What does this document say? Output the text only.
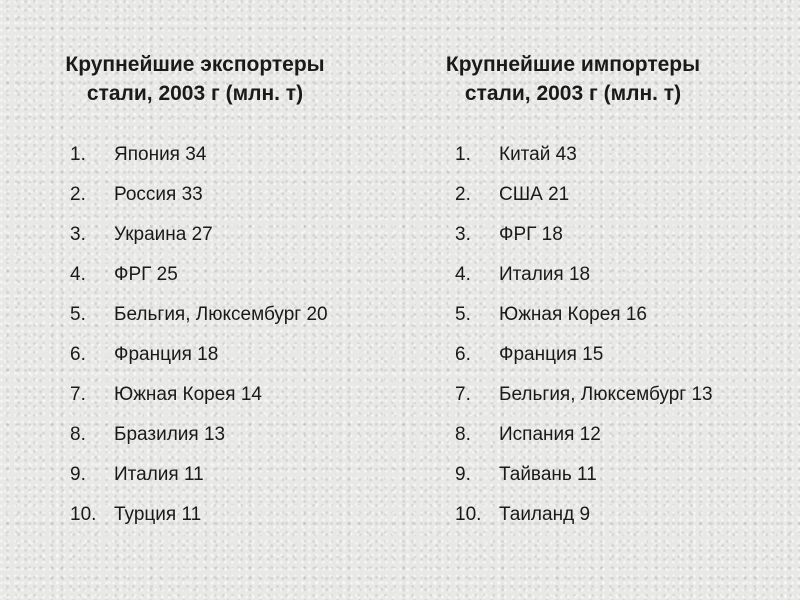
Крупнейшие экспортеры
стали, 2003 г (млн. т)
1.	Япония 34
2.	Россия 33
3.	Украина 27
4.	ФРГ 25
5.	Бельгия, Люксембург 20
6.	Франция 18
7.	Южная Корея 14
8.	Бразилия 13
9.	Италия 11
10. Турция 11
Крупнейшие импортеры
стали, 2003 г (млн. т)
1.	Китай 43
2.	США 21
3.	ФРГ 18
4.	Италия 18
5.	Южная Корея 16
6.	Франция 15
7.	Бельгия, Люксембург 13
8.	Испания 12
9.	Тайвань 11
10. Таиланд 9
